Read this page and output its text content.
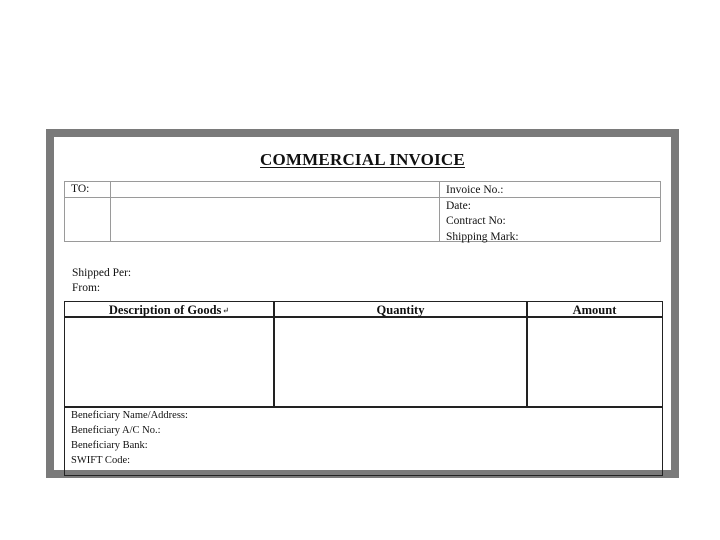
COMMERCIAL INVOICE
TO:	Invoice No.:
Date:
Contract No:
Shipping Mark:
Shipped Per:
From:
Description of Goods↵	Quantity	Amount
Beneficiary Name/Address:
Beneficiary A/C No.:
Beneficiary Bank:
SWIFT Code:
